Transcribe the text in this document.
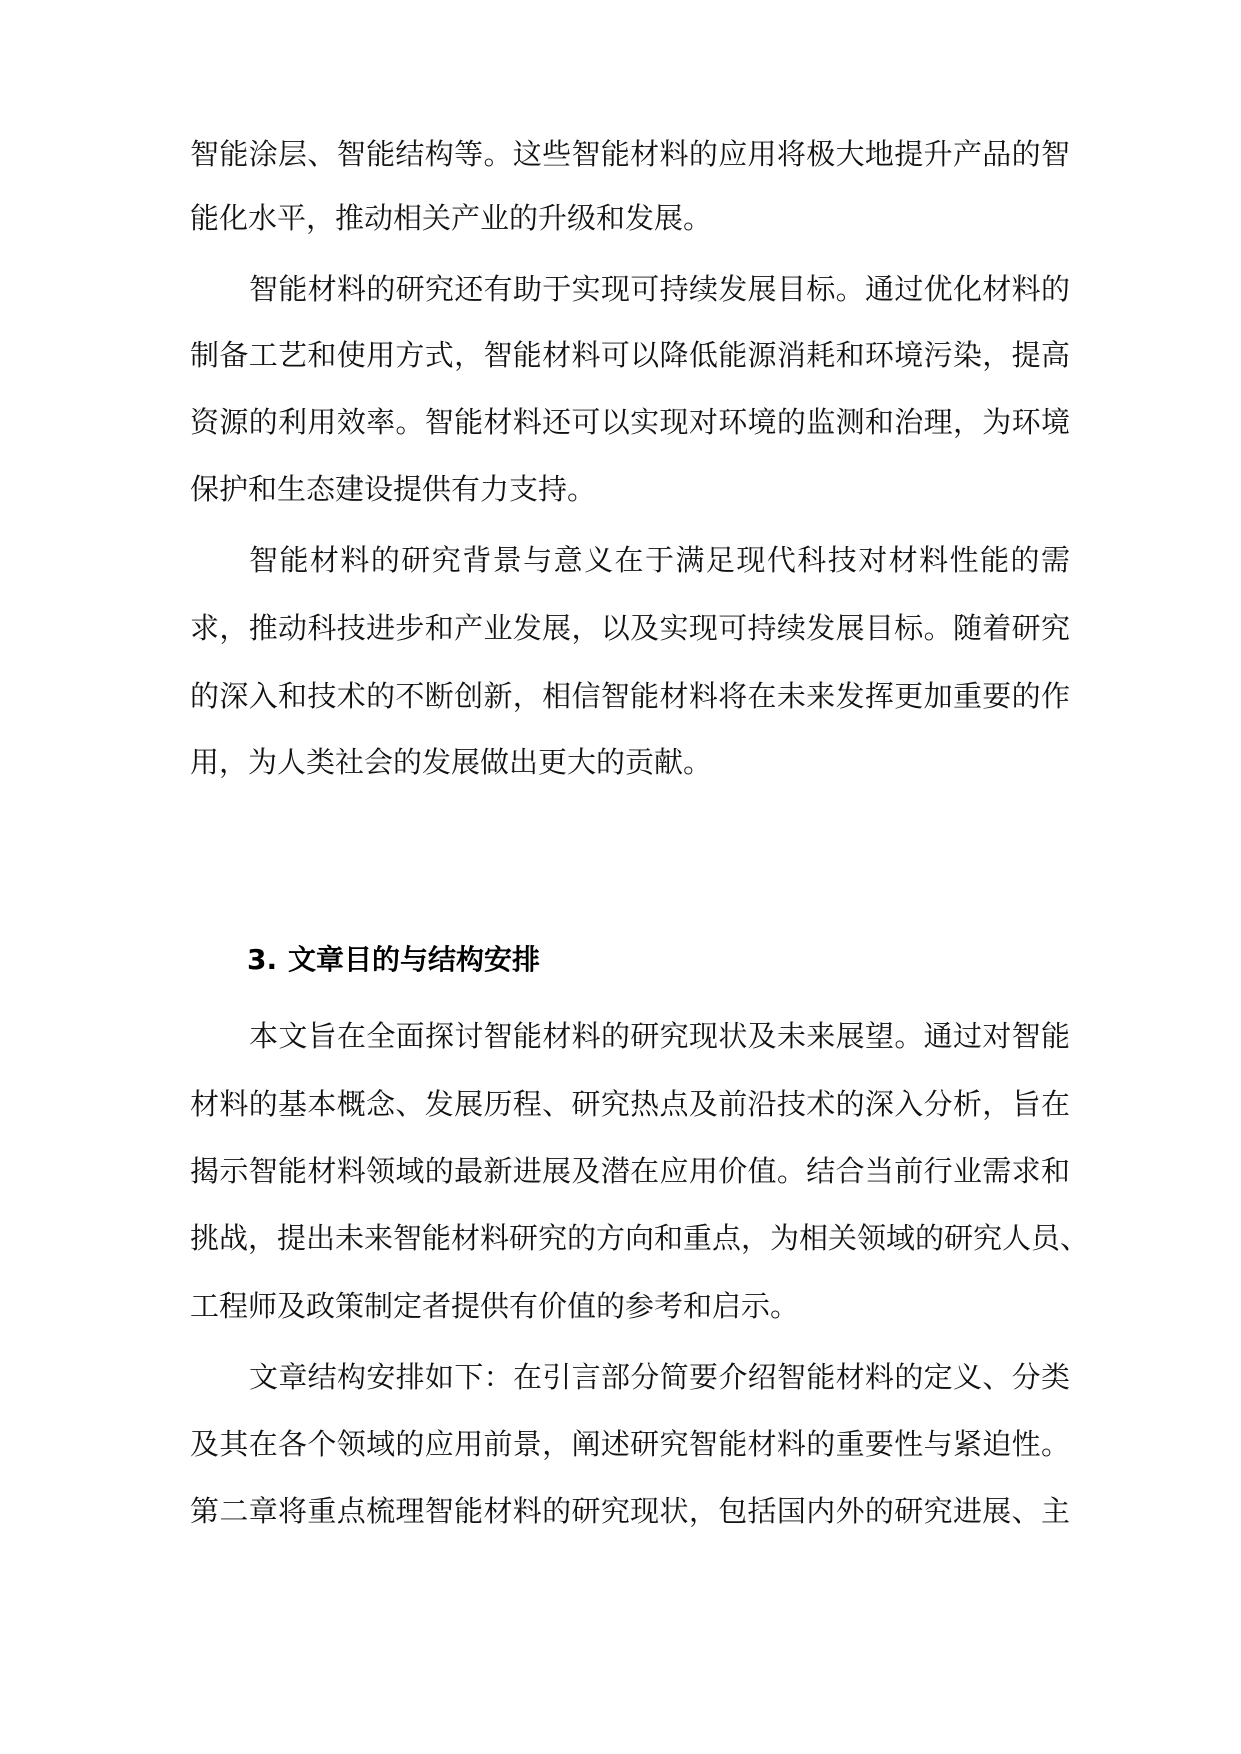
智能涂层、智能结构等。这些智能材料的应用将极大地提升产品的智
能化水平，推动相关产业的升级和发展。
智能材料的研究还有助于实现可持续发展目标。通过优化材料的
制备工艺和使用方式，智能材料可以降低能源消耗和环境污染，提高
资源的利用效率。智能材料还可以实现对环境的监测和治理，为环境
保护和生态建设提供有力支持。
智能材料的研究背景与意义在于满足现代科技对材料性能的需
求，推动科技进步和产业发展，以及实现可持续发展目标。随着研究
的深入和技术的不断创新，相信智能材料将在未来发挥更加重要的作
用，为人类社会的发展做出更大的贡献。
3. 文章目的与结构安排
本文旨在全面探讨智能材料的研究现状及未来展望。通过对智能
材料的基本概念、发展历程、研究热点及前沿技术的深入分析，旨在
揭示智能材料领域的最新进展及潜在应用价值。结合当前行业需求和
挑战，提出未来智能材料研究的方向和重点，为相关领域的研究人员、
工程师及政策制定者提供有价值的参考和启示。
文章结构安排如下：在引言部分简要介绍智能材料的定义、分类
及其在各个领域的应用前景，阐述研究智能材料的重要性与紧迫性。
第二章将重点梳理智能材料的研究现状，包括国内外的研究进展、主
